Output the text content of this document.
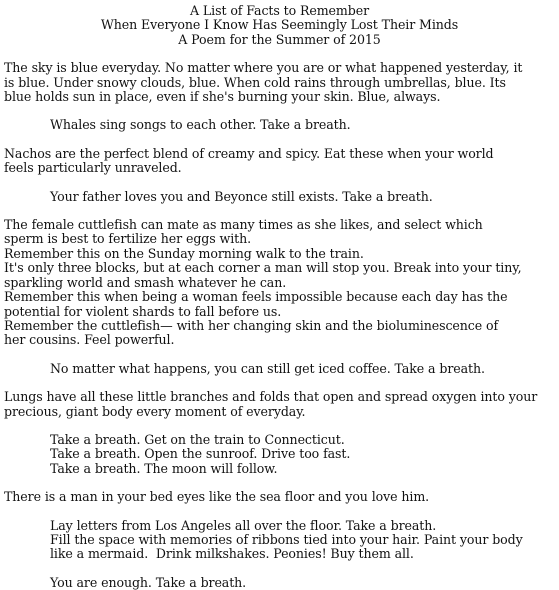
A List of Facts to Remember
When Everyone I Know Has Seemingly Lost Their Minds
A Poem for the Summer of 2015
The sky is blue everyday. No matter where you are or what happened yesterday, it
is blue. Under snowy clouds, blue. When cold rains through umbrellas, blue. Its
blue holds sun in place, even if she's burning your skin. Blue, always.
Whales sing songs to each other. Take a breath.
Nachos are the perfect blend of creamy and spicy. Eat these when your world
feels particularly unraveled.
Your father loves you and Beyonce still exists. Take a breath.
The female cuttlefish can mate as many times as she likes, and select which
sperm is best to fertilize her eggs with.
Remember this on the Sunday morning walk to the train.
It's only three blocks, but at each corner a man will stop you. Break into your tiny,
sparkling world and smash whatever he can.
Remember this when being a woman feels impossible because each day has the
potential for violent shards to fall before us.
Remember the cuttlefish— with her changing skin and the bioluminescence of
her cousins. Feel powerful.
No matter what happens, you can still get iced coffee. Take a breath.
Lungs have all these little branches and folds that open and spread oxygen into your
precious, giant body every moment of everyday.
Take a breath. Get on the train to Connecticut.
Take a breath. Open the sunroof. Drive too fast.
Take a breath. The moon will follow.
There is a man in your bed eyes like the sea floor and you love him.
Lay letters from Los Angeles all over the floor. Take a breath.
Fill the space with memories of ribbons tied into your hair. Paint your body
like a mermaid.  Drink milkshakes. Peonies! Buy them all.
You are enough. Take a breath.
